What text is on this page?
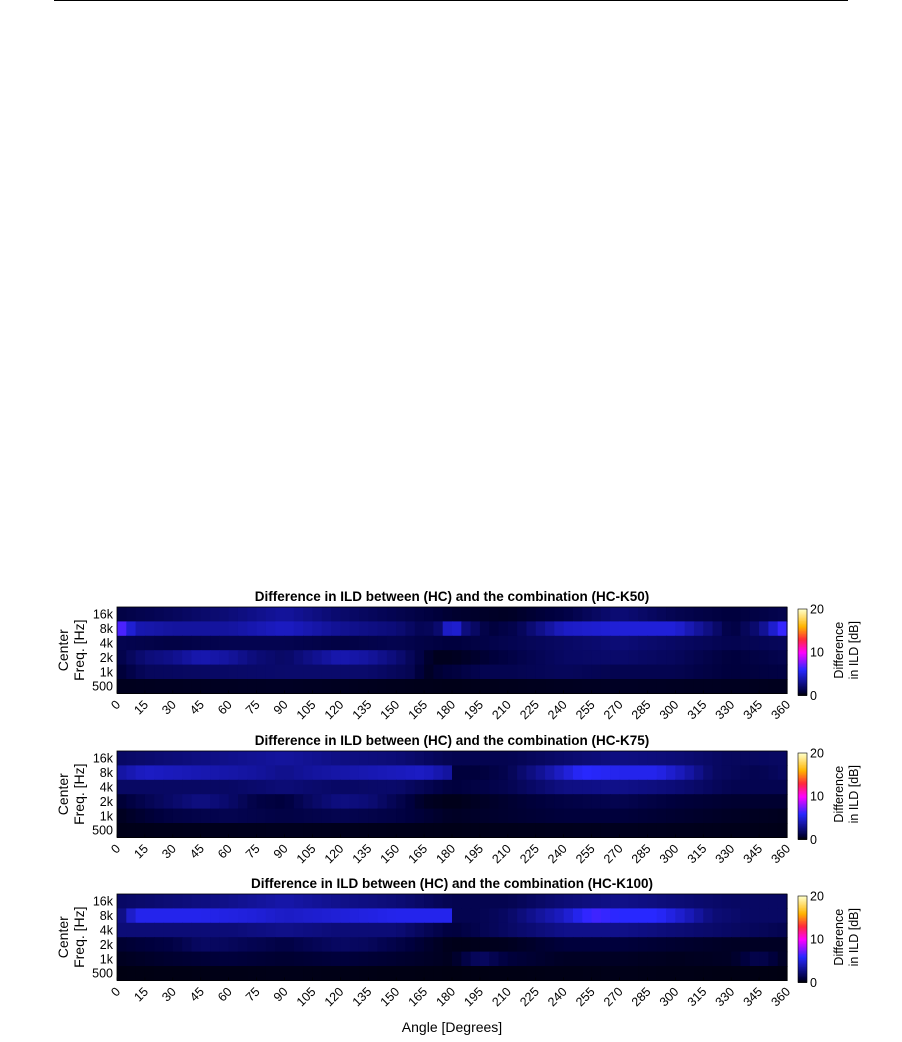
Difference in ILD between (HC) and the combination (HC-K50)
16k
8k
4k
2k
1k
500
0 15 30 45 60 75 90 105 120 135 150 165 180 195 210 225 240 255 270 285 300 315 330 345 360
Center Freq. [Hz]
0
10
20
Difference in ILD [dB]
Difference in ILD between (HC) and the combination (HC-K75)
16k
8k
4k
2k
1k
500
0 15 30 45 60 75 90 105 120 135 150 165 180 195 210 225 240 255 270 285 300 315 330 345 360
Center Freq. [Hz]
0
10
20
Difference in ILD [dB]
Difference in ILD between (HC) and the combination (HC-K100)
16k
8k
4k
2k
1k
500
0 15 30 45 60 75 90 105 120 135 150 165 180 195 210 225 240 255 270 285 300 315 330 345 360
Center Freq. [Hz]
0
10
20
Difference in ILD [dB]
Angle [Degrees]
